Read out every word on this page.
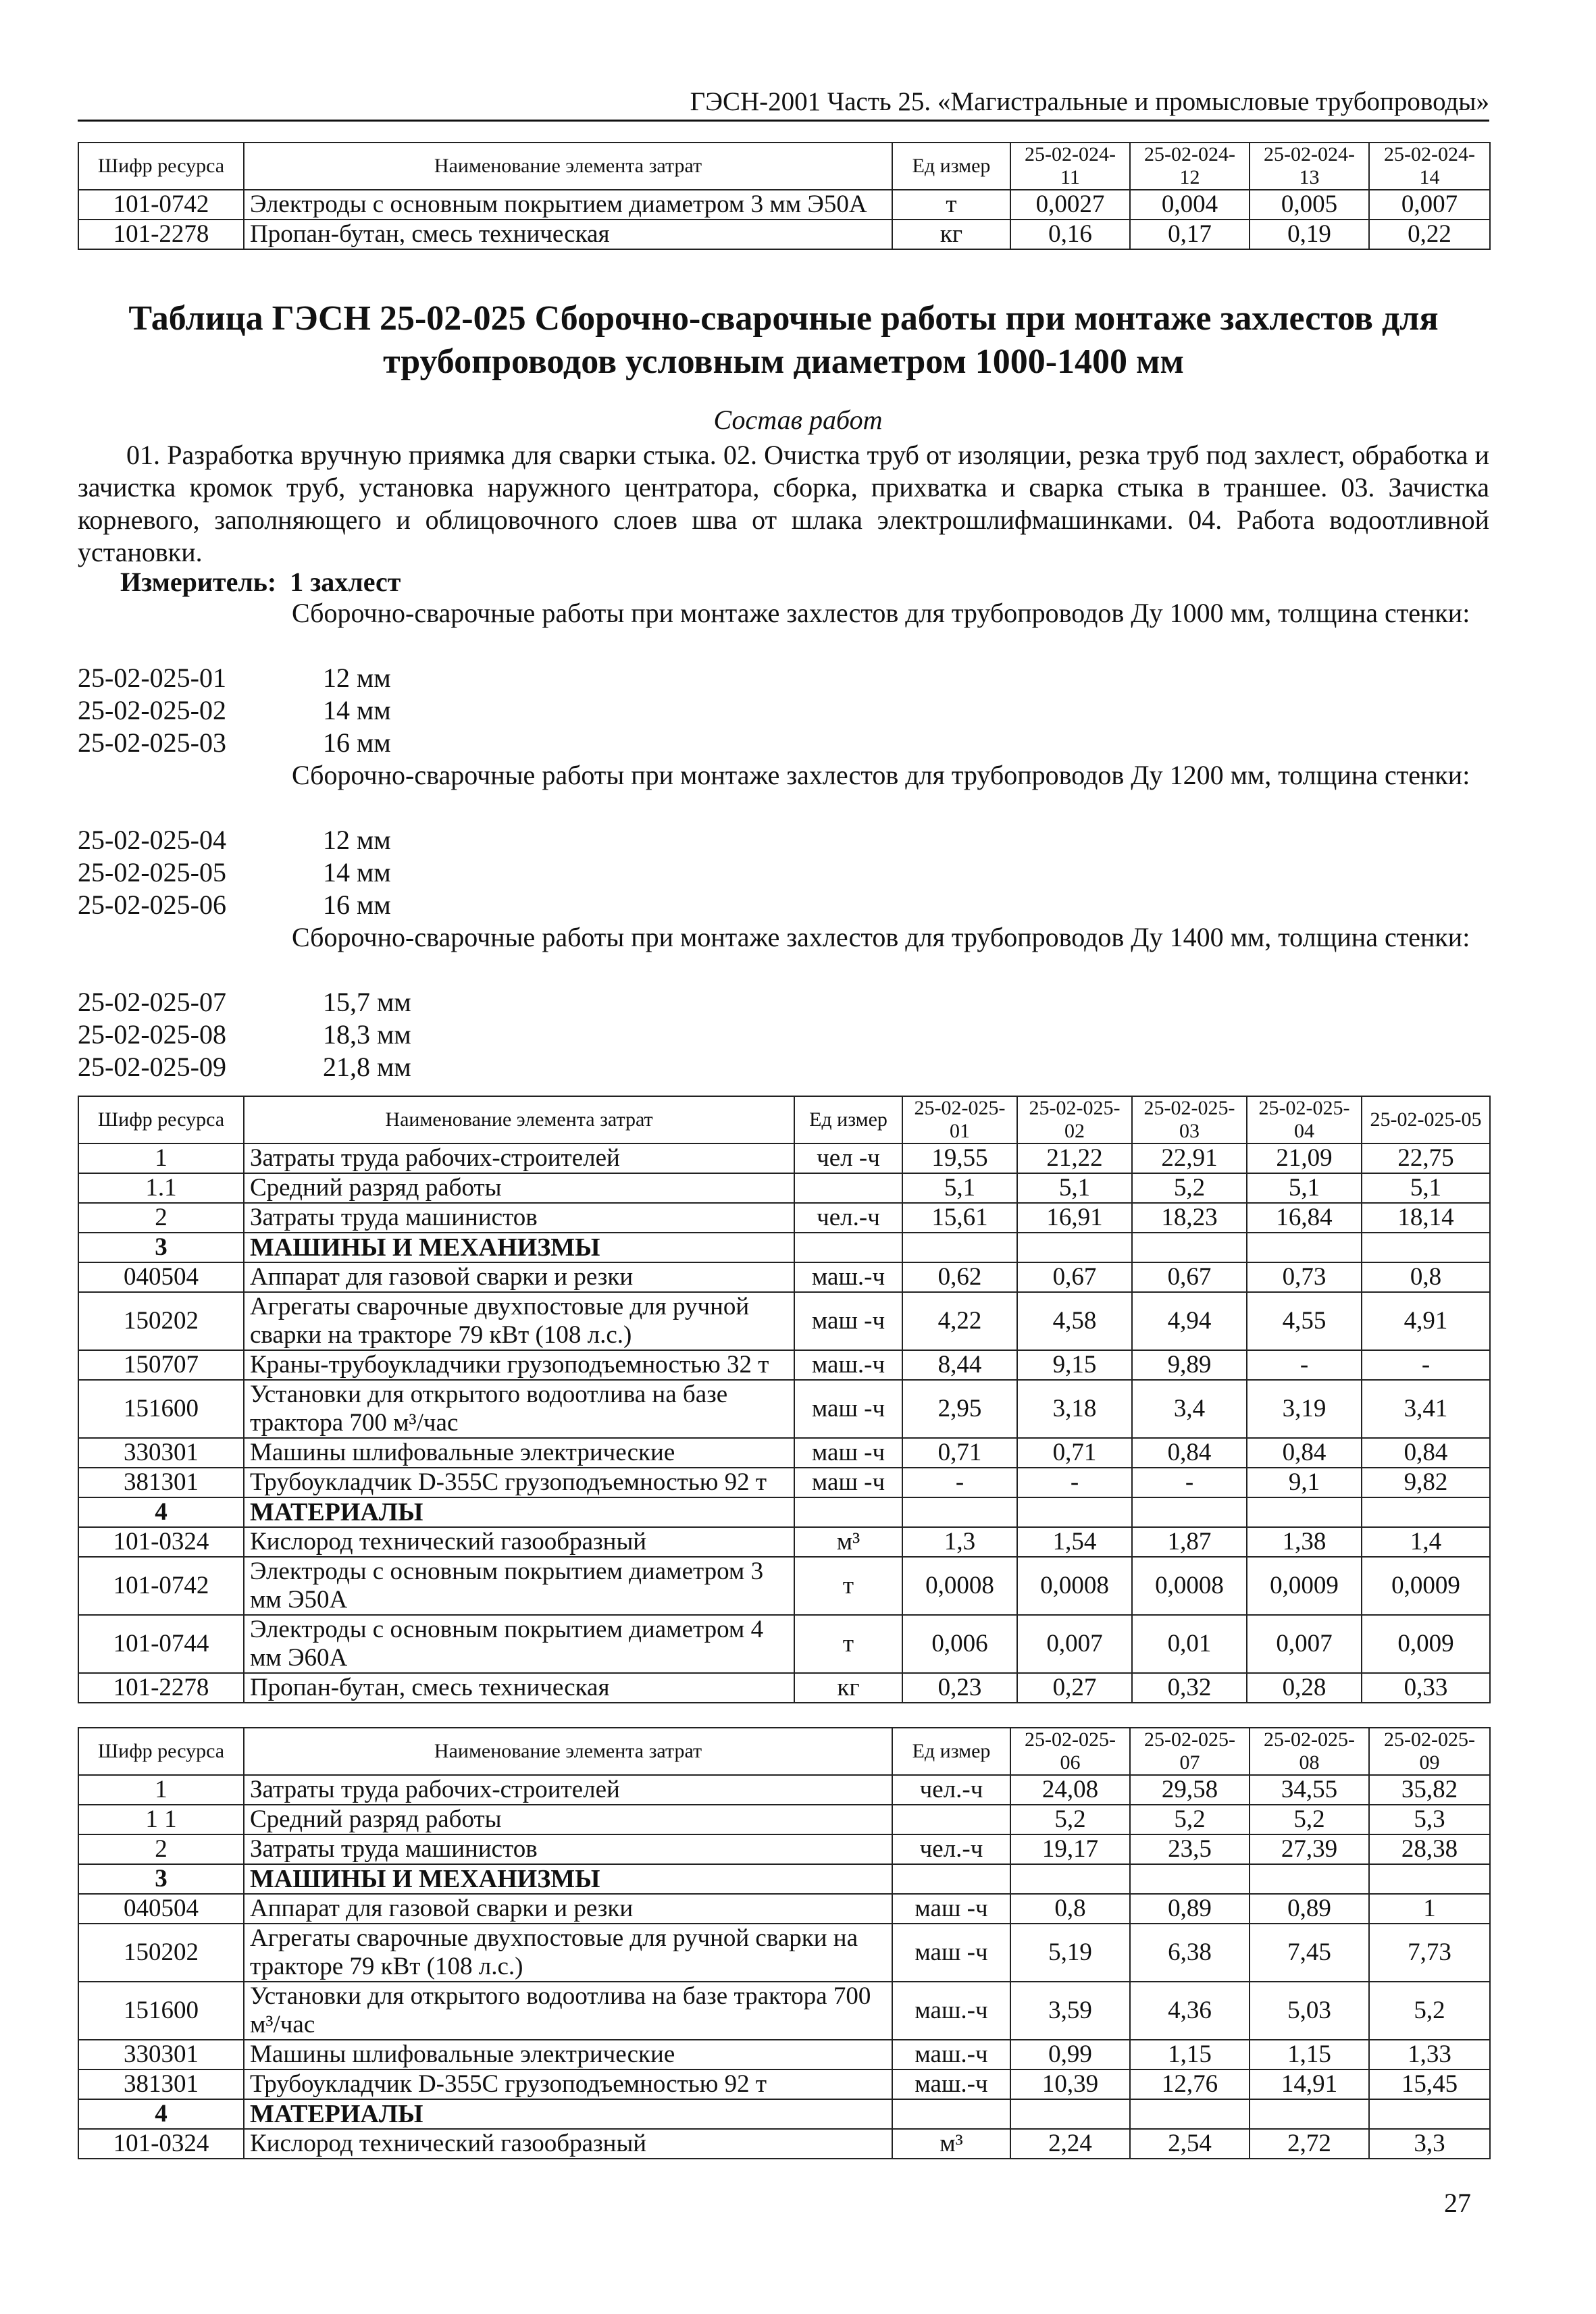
ГЭСН-2001 Часть 25. «Магистральные и промысловые трубопроводы»
Шифр ресурса	Наименование элемента затрат	Ед измер	25-02-024-11	25-02-024-12	25-02-024-13	25-02-024-14
101-0742	Электроды с основным покрытием диаметром 3 мм Э50А	т	0,0027	0,004	0,005	0,007
101-2278	Пропан-бутан, смесь техническая	кг	0,16	0,17	0,19	0,22
Таблица ГЭСН 25-02-025 Сборочно-сварочные работы при монтаже захлестов для трубопроводов условным диаметром 1000-1400 мм
Состав работ
01. Разработка вручную приямка для сварки стыка. 02. Очистка труб от изоляции, резка труб под захлест, обработка и зачистка кромок труб, установка наружного центратора, сборка, прихватка и сварка стыка в траншее. 03. Зачистка корневого, заполняющего и облицовочного слоев шва от шлака электрошлифмашинками. 04. Работа водоотливной установки.
Измеритель: 1 захлест
Сборочно-сварочные работы при монтаже захлестов для трубопроводов Ду 1000 мм, толщина стенки:
25-02-025-01	12 мм
25-02-025-02	14 мм
25-02-025-03	16 мм
Сборочно-сварочные работы при монтаже захлестов для трубопроводов Ду 1200 мм, толщина стенки:
25-02-025-04	12 мм
25-02-025-05	14 мм
25-02-025-06	16 мм
Сборочно-сварочные работы при монтаже захлестов для трубопроводов Ду 1400 мм, толщина стенки:
25-02-025-07	15,7 мм
25-02-025-08	18,3 мм
25-02-025-09	21,8 мм
Шифр ресурса	Наименование элемента затрат	Ед измер	25-02-025-01	25-02-025-02	25-02-025-03	25-02-025-04	25-02-025-05
1	Затраты труда рабочих-строителей	чел -ч	19,55	21,22	22,91	21,09	22,75
1.1	Средний разряд работы		5,1	5,1	5,2	5,1	5,1
2	Затраты труда машинистов	чел.-ч	15,61	16,91	18,23	16,84	18,14
3	МАШИНЫ И МЕХАНИЗМЫ						
040504	Аппарат для газовой сварки и резки	маш.-ч	0,62	0,67	0,67	0,73	0,8
150202	Агрегаты сварочные двухпостовые для ручной сварки на тракторе 79 кВт (108 л.с.)	маш -ч	4,22	4,58	4,94	4,55	4,91
150707	Краны-трубоукладчики грузоподъемностью 32 т	маш.-ч	8,44	9,15	9,89	-	-
151600	Установки для открытого водоотлива на базе трактора 700 м³/час	маш -ч	2,95	3,18	3,4	3,19	3,41
330301	Машины шлифовальные электрические	маш -ч	0,71	0,71	0,84	0,84	0,84
381301	Трубоукладчик D-355C грузоподъемностью 92 т	маш -ч	-	-	-	9,1	9,82
4	МАТЕРИАЛЫ						
101-0324	Кислород технический газообразный	м³	1,3	1,54	1,87	1,38	1,4
101-0742	Электроды с основным покрытием диаметром 3 мм Э50А	т	0,0008	0,0008	0,0008	0,0009	0,0009
101-0744	Электроды с основным покрытием диаметром 4 мм Э60А	т	0,006	0,007	0,01	0,007	0,009
101-2278	Пропан-бутан, смесь техническая	кг	0,23	0,27	0,32	0,28	0,33
Шифр ресурса	Наименование элемента затрат	Ед измер	25-02-025-06	25-02-025-07	25-02-025-08	25-02-025-09
1	Затраты труда рабочих-строителей	чел.-ч	24,08	29,58	34,55	35,82
1 1	Средний разряд работы		5,2	5,2	5,2	5,3
2	Затраты труда машинистов	чел.-ч	19,17	23,5	27,39	28,38
3	МАШИНЫ И МЕХАНИЗМЫ					
040504	Аппарат для газовой сварки и резки	маш -ч	0,8	0,89	0,89	1
150202	Агрегаты сварочные двухпостовые для ручной сварки на тракторе 79 кВт (108 л.с.)	маш -ч	5,19	6,38	7,45	7,73
151600	Установки для открытого водоотлива на базе трактора 700 м³/час	маш.-ч	3,59	4,36	5,03	5,2
330301	Машины шлифовальные электрические	маш.-ч	0,99	1,15	1,15	1,33
381301	Трубоукладчик D-355C грузоподъемностью 92 т	маш.-ч	10,39	12,76	14,91	15,45
4	МАТЕРИАЛЫ					
101-0324	Кислород технический газообразный	м³	2,24	2,54	2,72	3,3
27
